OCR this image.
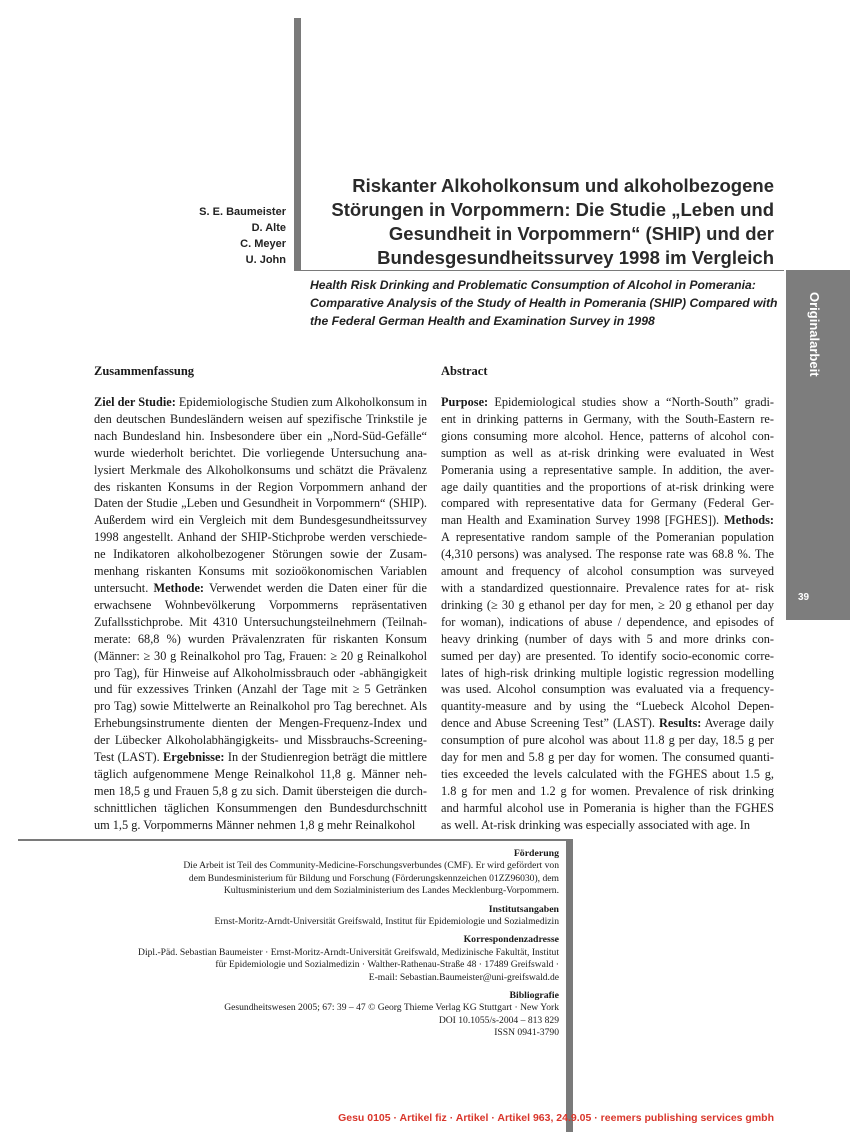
S. E. Baumeister
D. Alte
C. Meyer
U. John
Riskanter Alkoholkonsum und alkoholbezogene
Störungen in Vorpommern: Die Studie „Leben und
Gesundheit in Vorpommern“ (SHIP) und der
Bundesgesundheitssurvey 1998 im Vergleich
Health Risk Drinking and Problematic Consumption of Alcohol in Pomerania:
Comparative Analysis of the Study of Health in Pomerania (SHIP) Compared with
the Federal German Health and Examination Survey in 1998	Originalarbeit
39
Zusammenfassung	Abstract
Ziel der Studie: Epidemiologische Studien zum Alkoholkonsum in
den deutschen Bundesländern weisen auf spezifische Trinkstile je
nach Bundesland hin. Insbesondere über ein „Nord-Süd-Gefälle“
wurde wiederholt berichtet. Die vorliegende Untersuchung ana-
lysiert Merkmale des Alkoholkonsums und schätzt die Prävalenz
des riskanten Konsums in der Region Vorpommern anhand der
Daten der Studie „Leben und Gesundheit in Vorpommern“ (SHIP).
Außerdem wird ein Vergleich mit dem Bundesgesundheitssurvey
1998 angestellt. Anhand der SHIP-Stichprobe werden verschiede-
ne Indikatoren alkoholbezogener Störungen sowie der Zusam-
menhang riskanten Konsums mit sozioökonomischen Variablen
untersucht. Methode: Verwendet werden die Daten einer für die
erwachsene Wohnbevölkerung Vorpommerns repräsentativen
Zufallsstichprobe. Mit 4310 Untersuchungsteilnehmern (Teilnah-
merate: 68,8 %) wurden Prävalenzraten für riskanten Konsum
(Männer: ≥ 30 g Reinalkohol pro Tag, Frauen: ≥ 20 g Reinalkohol
pro Tag), für Hinweise auf Alkoholmissbrauch oder -abhängigkeit
und für exzessives Trinken (Anzahl der Tage mit ≥ 5 Getränken
pro Tag) sowie Mittelwerte an Reinalkohol pro Tag berechnet. Als
Erhebungsinstrumente dienten der Mengen-Frequenz-Index und
der Lübecker Alkoholabhängigkeits- und Missbrauchs-Screening-
Test (LAST). Ergebnisse: In der Studienregion beträgt die mittlere
täglich aufgenommene Menge Reinalkohol 11,8 g. Männer neh-
men 18,5 g und Frauen 5,8 g zu sich. Damit übersteigen die durch-
schnittlichen täglichen Konsummengen den Bundesdurchschnitt
um 1,5 g. Vorpommerns Männer nehmen 1,8 g mehr Reinalkohol
Purpose: Epidemiological studies show a “North-South” gradi-
ent in drinking patterns in Germany, with the South-Eastern re-
gions consuming more alcohol. Hence, patterns of alcohol con-
sumption as well as at-risk drinking were evaluated in West
Pomerania using a representative sample. In addition, the aver-
age daily quantities and the proportions of at-risk drinking were
compared with representative data for Germany (Federal Ger-
man Health and Examination Survey 1998 [FGHES]). Methods:
A representative random sample of the Pomeranian population
(4,310 persons) was analysed. The response rate was 68.8 %. The
amount and frequency of alcohol consumption was surveyed
with a standardized questionnaire. Prevalence rates for at- risk
drinking (≥ 30 g ethanol per day for men, ≥ 20 g ethanol per day
for woman), indications of abuse / dependence, and episodes of
heavy drinking (number of days with 5 and more drinks con-
sumed per day) are presented. To identify socio-economic corre-
lates of high-risk drinking multiple logistic regression modelling
was used. Alcohol consumption was evaluated via a frequency-
quantity-measure and by using the “Luebeck Alcohol Depen-
dence and Abuse Screening Test” (LAST). Results: Average daily
consumption of pure alcohol was about 11.8 g per day, 18.5 g per
day for men and 5.8 g per day for women. The consumed quanti-
ties exceeded the levels calculated with the FGHES about 1.5 g,
1.8 g for men and 1.2 g for women. Prevalence of risk drinking
and harmful alcohol use in Pomerania is higher than the FGHES
as well. At-risk drinking was especially associated with age. In
Förderung
Die Arbeit ist Teil des Community-Medicine-Forschungsverbundes (CMF). Er wird gefördert von
dem Bundesministerium für Bildung und Forschung (Förderungskennzeichen 01ZZ96030), dem
Kultusministerium und dem Sozialministerium des Landes Mecklenburg-Vorpommern.
Institutsangaben
Ernst-Moritz-Arndt-Universität Greifswald, Institut für Epidemiologie und Sozialmedizin
Korrespondenzadresse
Dipl.-Päd. Sebastian Baumeister · Ernst-Moritz-Arndt-Universität Greifswald, Medizinische Fakultät, Institut
für Epidemiologie und Sozialmedizin · Walther-Rathenau-Straße 48 · 17489 Greifswald ·
E-mail: Sebastian.Baumeister@uni-greifswald.de
Bibliografie
Gesundheitswesen 2005; 67: 39 – 47 © Georg Thieme Verlag KG Stuttgart · New York
DOI 10.1055/s-2004 – 813 829
ISSN 0941-3790
Gesu 0105 · Artikel fiz · Artikel · Artikel 963, 24.9.05 · reemers publishing services gmbh
